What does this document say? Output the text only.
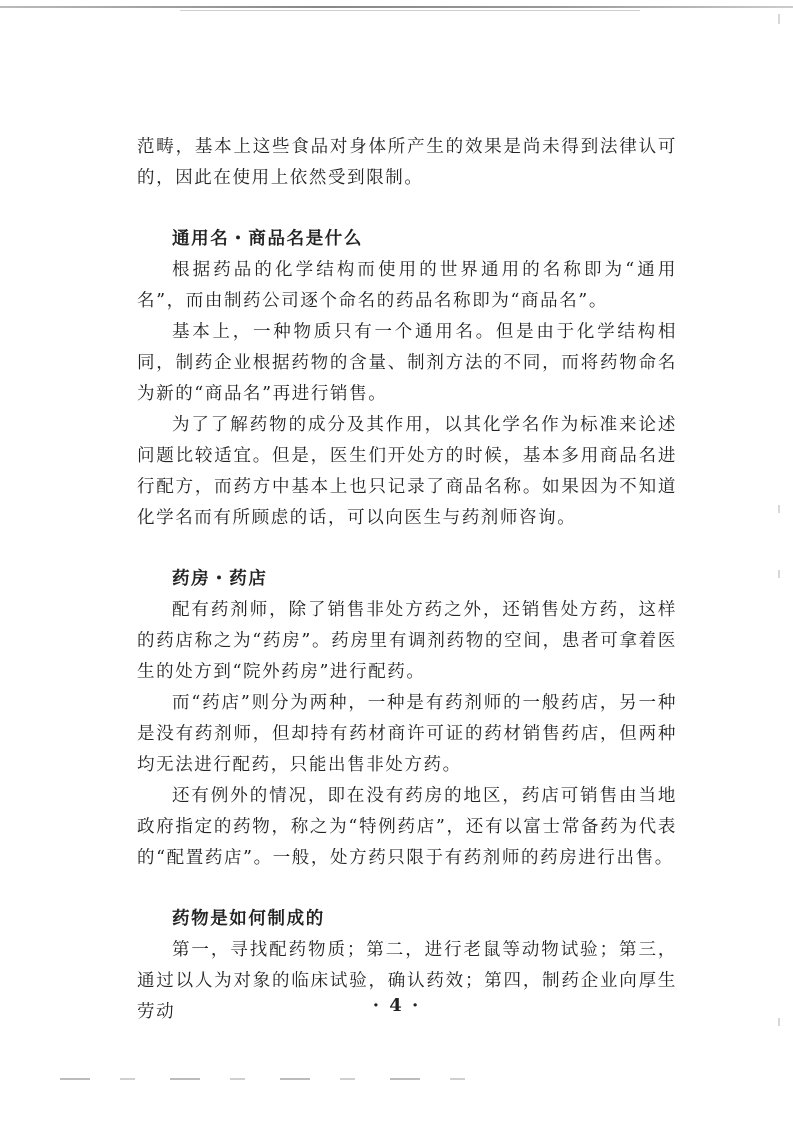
范畴，基本上这些食品对身体所产生的效果是尚未得到法律认可的，因此在使用上依然受到限制。

通用名・商品名是什么

根据药品的化学结构而使用的世界通用的名称即为“通用名”，而由制药公司逐个命名的药品名称即为“商品名”。

基本上，一种物质只有一个通用名。但是由于化学结构相同，制药企业根据药物的含量、制剂方法的不同，而将药物命名为新的“商品名”再进行销售。

为了了解药物的成分及其作用，以其化学名作为标准来论述问题比较适宜。但是，医生们开处方的时候，基本多用商品名进行配方，而药方中基本上也只记录了商品名称。如果因为不知道化学名而有所顾虑的话，可以向医生与药剂师咨询。

药房・药店

配有药剂师，除了销售非处方药之外，还销售处方药，这样的药店称之为“药房”。药房里有调剂药物的空间，患者可拿着医生的处方到“院外药房”进行配药。

而“药店”则分为两种，一种是有药剂师的一般药店，另一种是没有药剂师，但却持有药材商许可证的药材销售药店，但两种均无法进行配药，只能出售非处方药。

还有例外的情况，即在没有药房的地区，药店可销售由当地政府指定的药物，称之为“特例药店”，还有以富士常备药为代表的“配置药店”。一般，处方药只限于有药剂师的药房进行出售。

药物是如何制成的

第一，寻找配药物质；第二，进行老鼠等动物试验；第三，通过以人为对象的临床试验，确认药效；第四，制药企业向厚生劳动	· 4 ·
